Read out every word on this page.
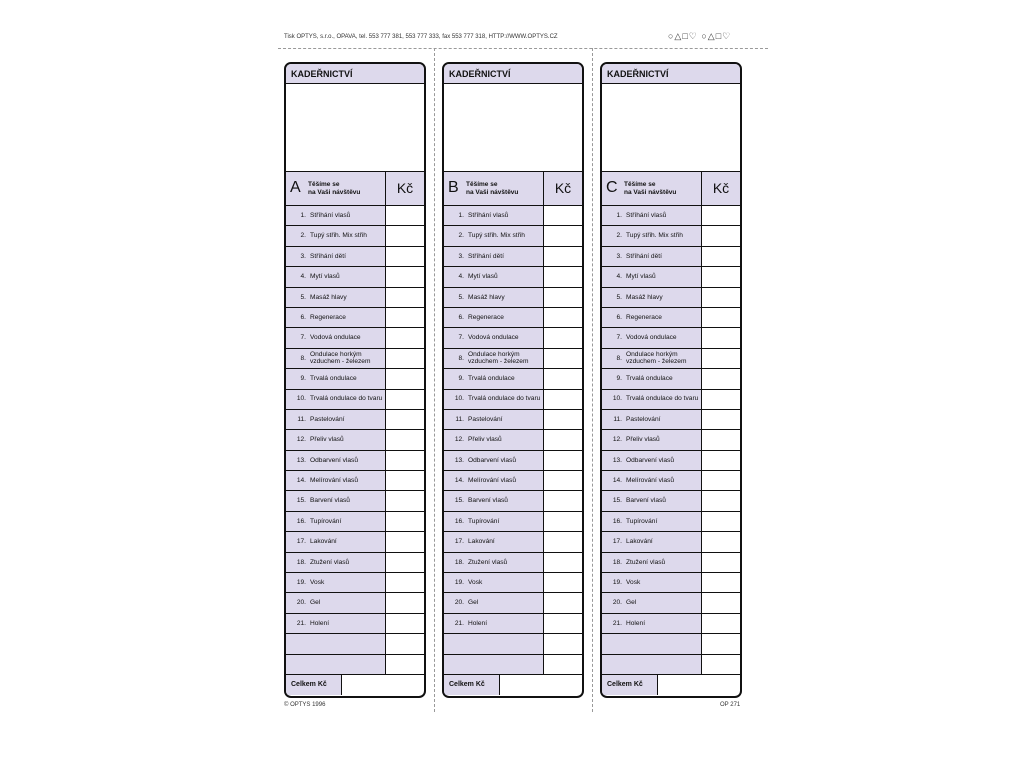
Tisk OPTYS, s.r.o., OPAVA, tel. 553 777 381, 553 777 333, fax 553 777 318, HTTP://WWW.OPTYS.CZ	○△□♡ ○△□♡
KADEŘNICTVÍ
A	Těšíme se
na Vaši návštěvu	Kč
1. Stříhání vlasů
2. Tupý střih. Mix střih
3. Stříhání dětí
4. Mytí vlasů
5. Masáž hlavy
6. Regenerace
7. Vodová ondulace
8.
Ondulace horkým vzduchem - železem
9. Trvalá ondulace
10. Trvalá ondulace do tvaru
11. Pastelování
12. Přeliv vlasů
13. Odbarvení vlasů
14. Melírování vlasů
15. Barvení vlasů
16. Tupírování
17. Lakování
18. Ztužení vlasů
19. Vosk
20. Gel
21. Holení
Celkem Kč
KADEŘNICTVÍ
B	Těšíme se
na Vaši návštěvu	Kč
1. Stříhání vlasů
2. Tupý střih. Mix střih
3. Stříhání dětí
4. Mytí vlasů
5. Masáž hlavy
6. Regenerace
7. Vodová ondulace
8.
Ondulace horkým vzduchem - železem
9. Trvalá ondulace
10. Trvalá ondulace do tvaru
11. Pastelování
12. Přeliv vlasů
13. Odbarvení vlasů
14. Melírování vlasů
15. Barvení vlasů
16. Tupírování
17. Lakování
18. Ztužení vlasů
19. Vosk
20. Gel
21. Holení
Celkem Kč
KADEŘNICTVÍ
C Těšíme se
na Vaši návštěvu	Kč
1. Stříhání vlasů
2. Tupý střih. Mix střih
3. Stříhání dětí
4. Mytí vlasů
5. Masáž hlavy
6. Regenerace
7. Vodová ondulace
8.
Ondulace horkým vzduchem - železem
9. Trvalá ondulace
10. Trvalá ondulace do tvaru
11. Pastelování
12. Přeliv vlasů
13. Odbarvení vlasů
14. Melírování vlasů
15. Barvení vlasů
16. Tupírování
17. Lakování
18. Ztužení vlasů
19. Vosk
20. Gel
21. Holení
Celkem Kč
© OPTYS 1996	OP 271
